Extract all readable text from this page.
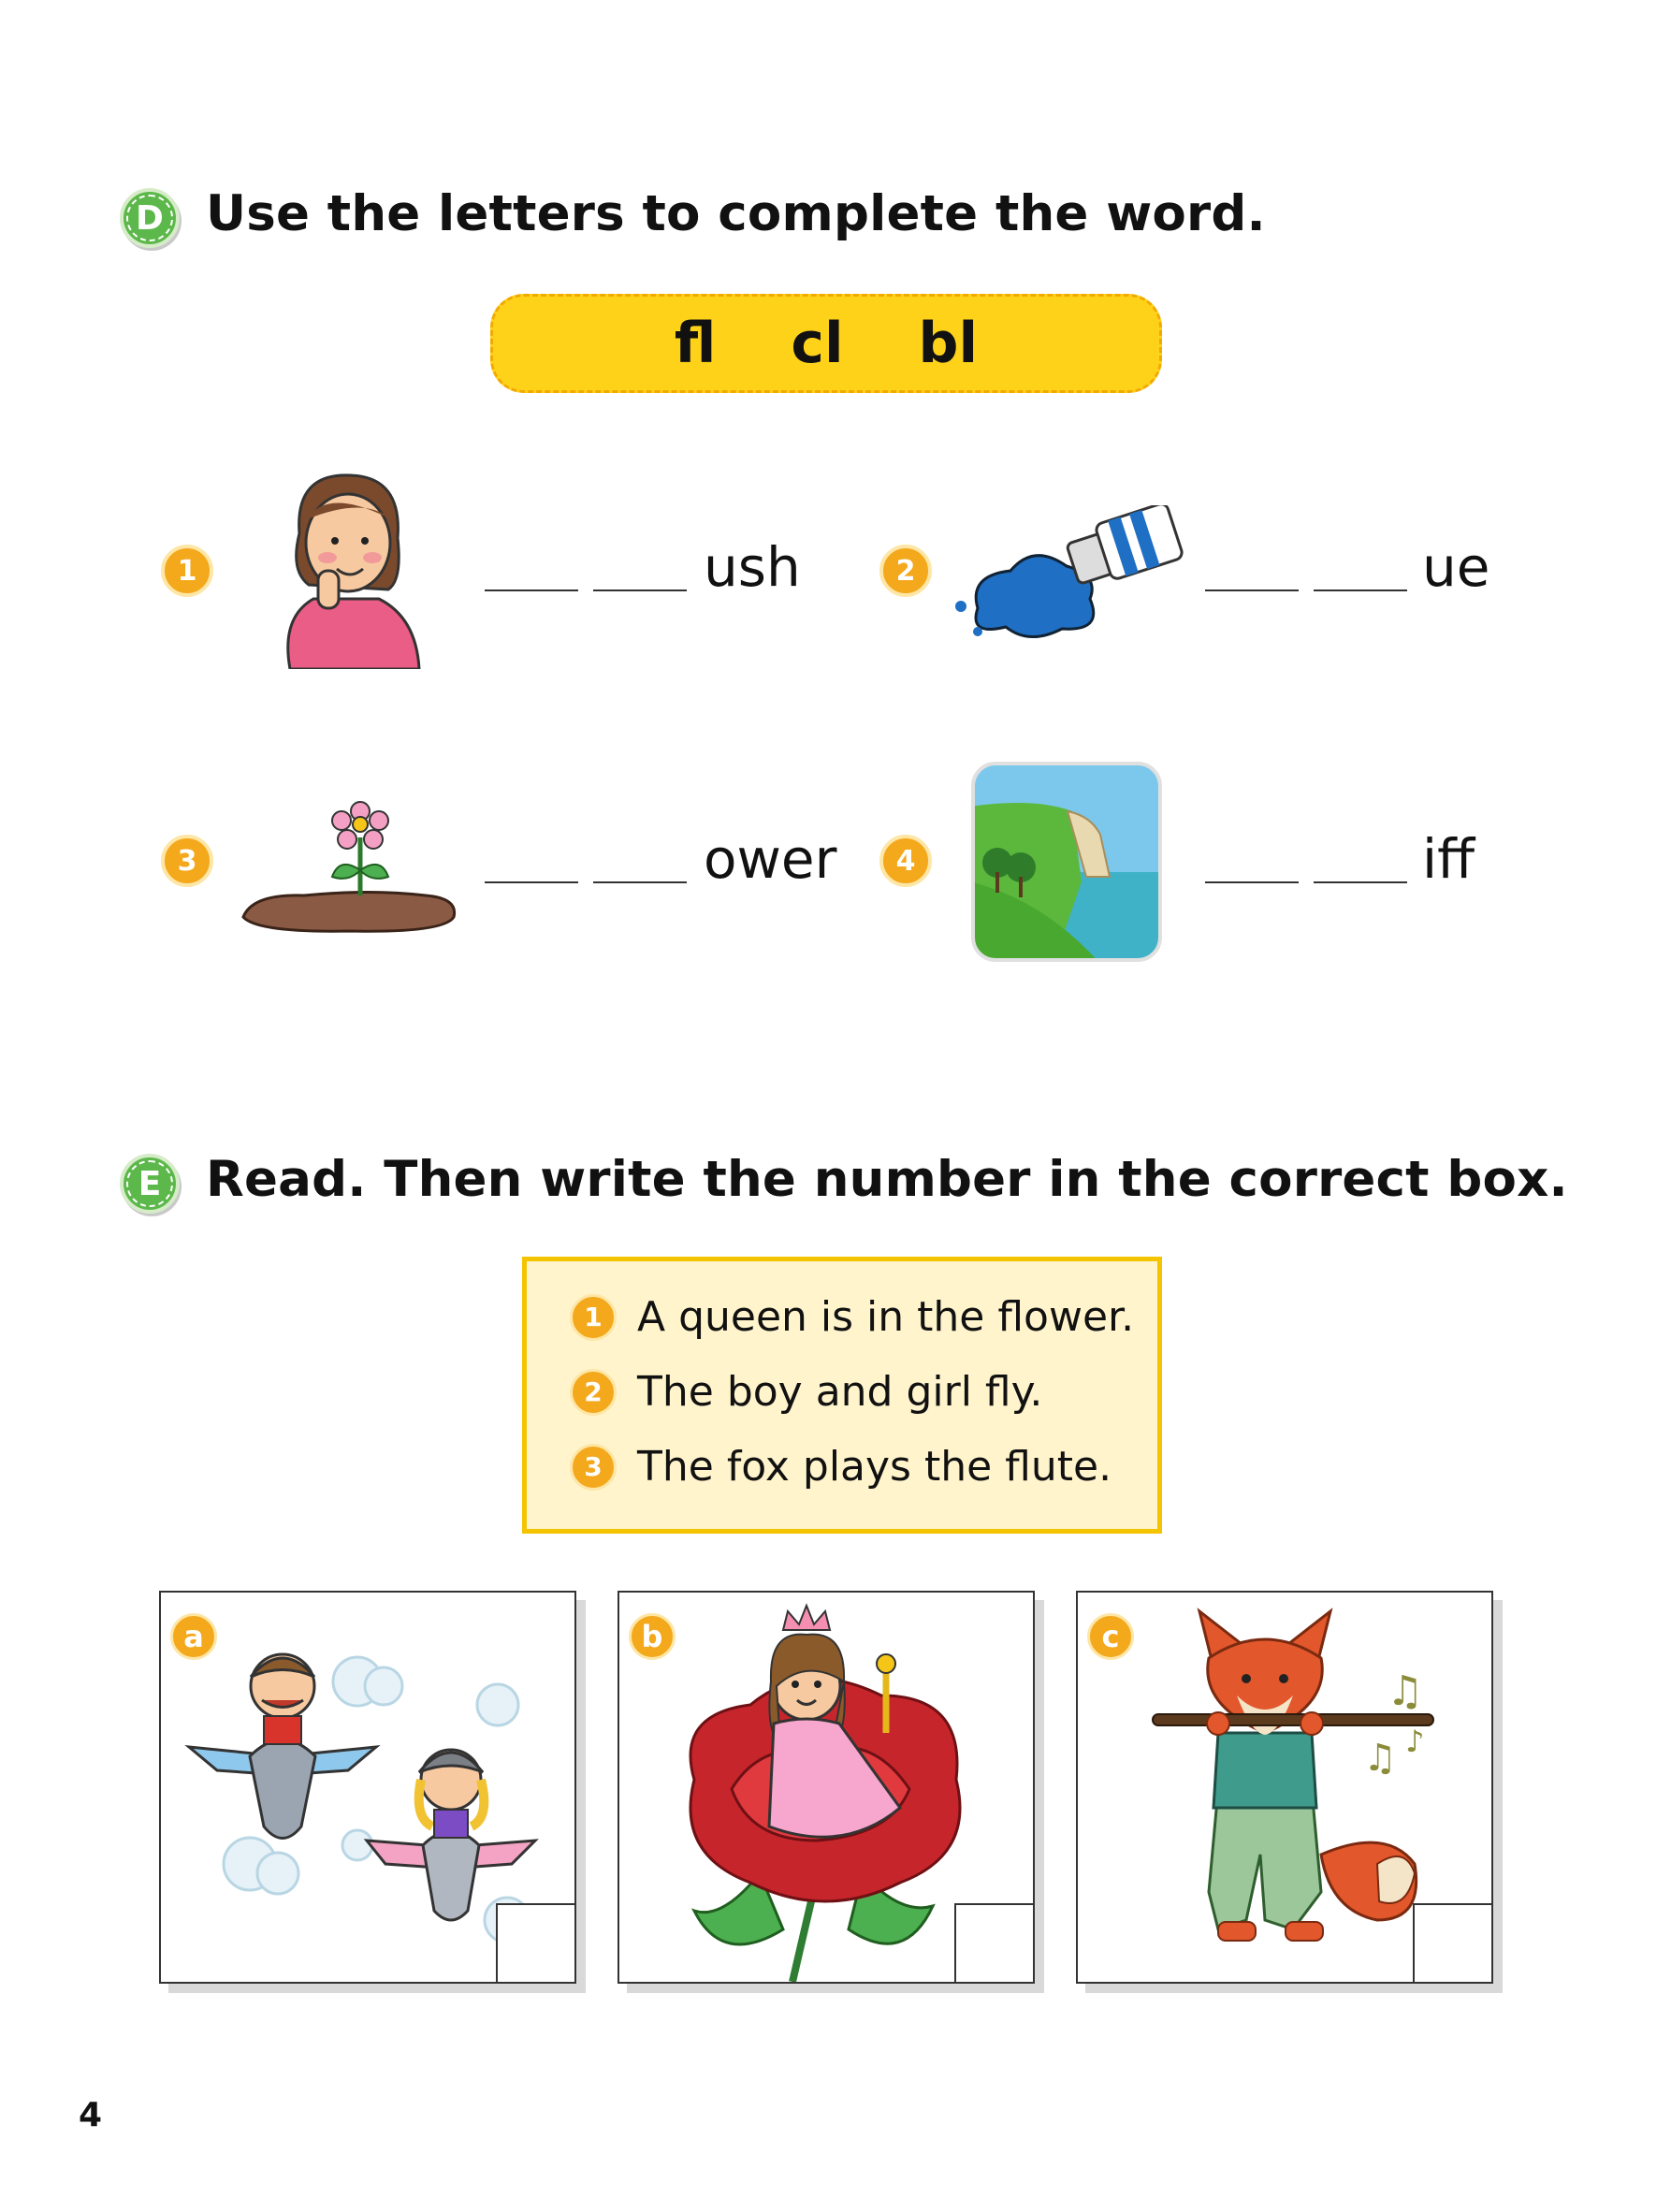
D Use the letters to complete the word.
fl cl bl
1	ush	2	ue
3	ower	4	iff
E Read. Then write the number in the correct box.
1 A queen is in the flower.
2 The boy and girl fly.
3 The fox plays the flute.
a	b
♫
♫ ♪
c
4
